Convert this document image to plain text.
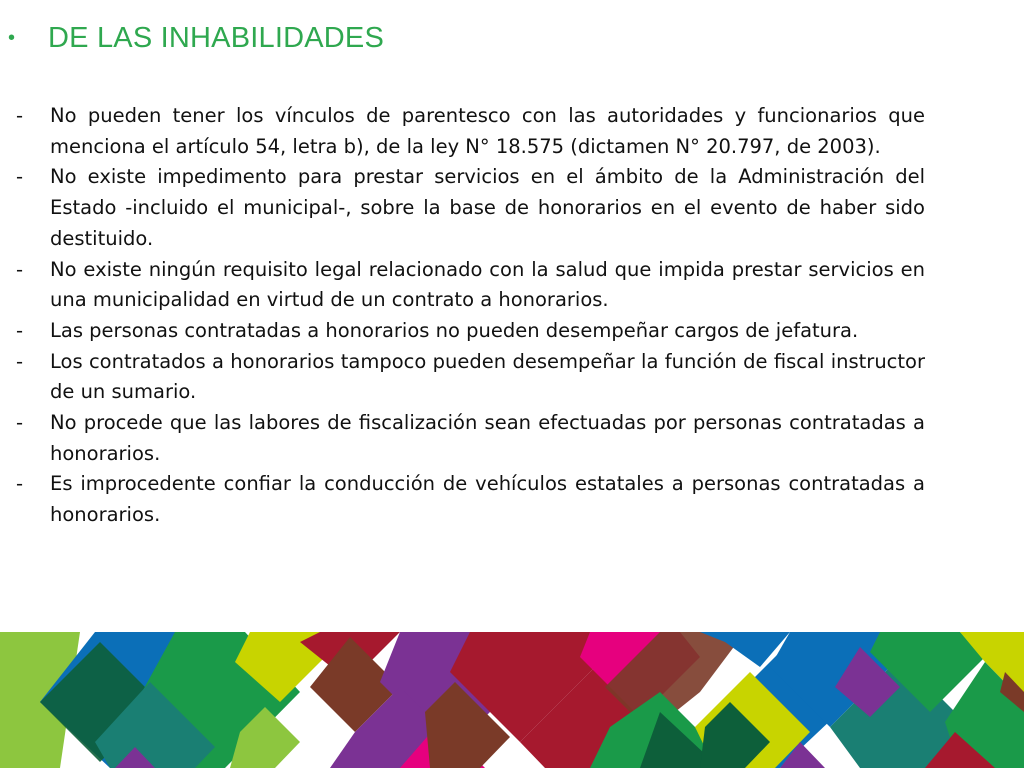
•	DE LAS INHABILIDADES
-	No pueden tener los vínculos de parentesco con las autoridades y funcionarios que menciona el artículo 54, letra b), de la ley N° 18.575 (dictamen N° 20.797, de 2003).
-	No existe impedimento para prestar servicios en el ámbito de la Administración del Estado -incluido el municipal-, sobre la base de honorarios en el evento de haber sido destituido.
-	No existe ningún requisito legal relacionado con la salud que impida prestar servicios en una municipalidad en virtud de un contrato a honorarios.
-	Las personas contratadas a honorarios no pueden desempeñar cargos de jefatura.
-	Los contratados a honorarios tampoco pueden desempeñar la función de fiscal instructor de un sumario.
-	No procede que las labores de fiscalización sean efectuadas por personas contratadas a honorarios.
-	Es improcedente confiar la conducción de vehículos estatales a personas contratadas a honorarios.
